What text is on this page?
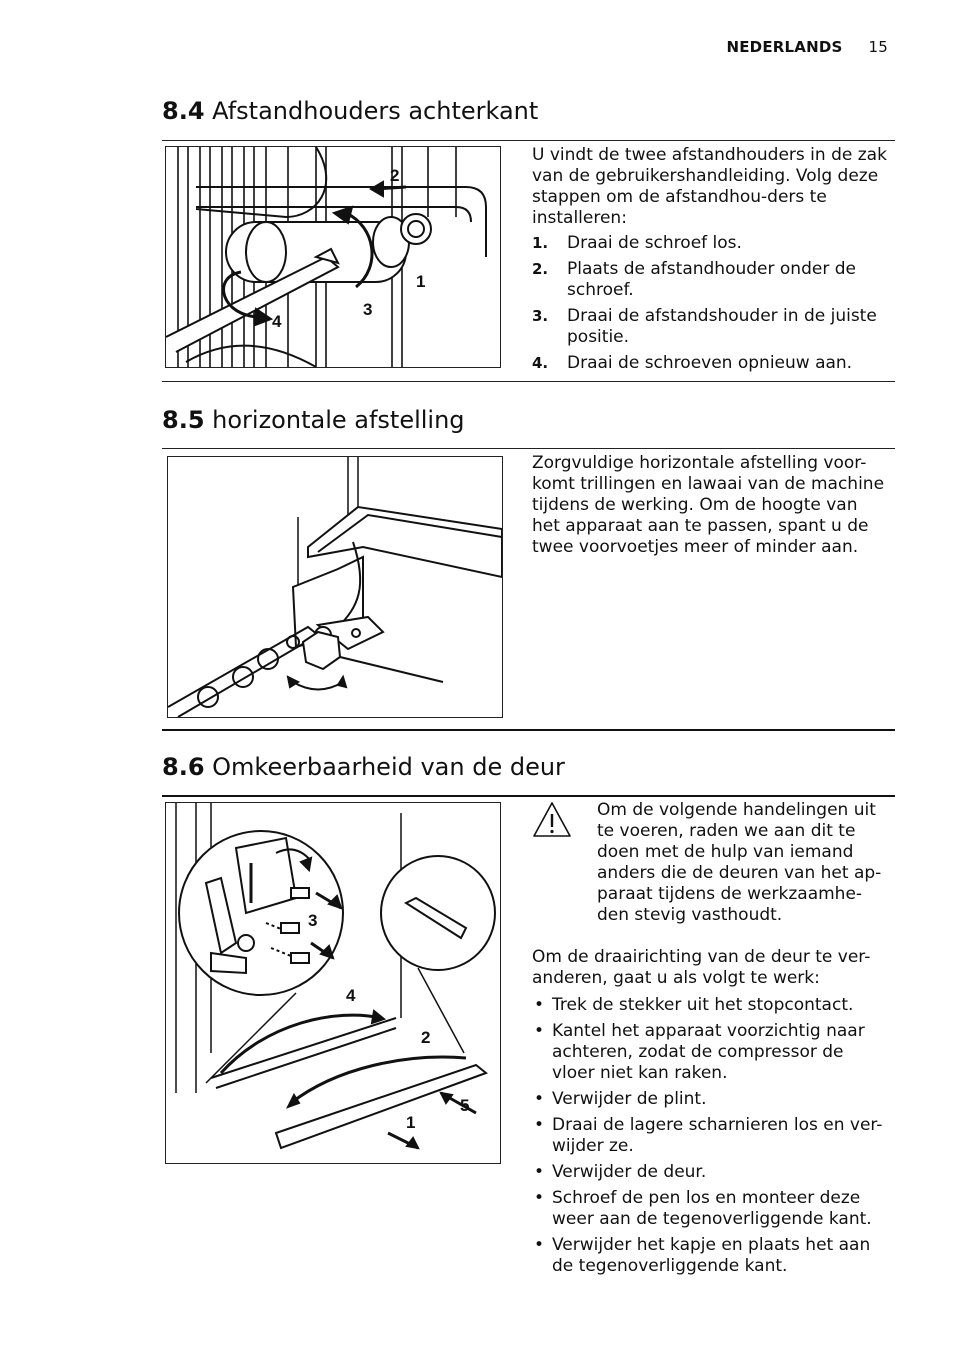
NEDERLANDS 15
8.4 Afstandhouders achterkant
2
1
3
4

U vindt de twee afstandhouders in de zak van de gebruikershandleiding. Volg deze stappen om de afstandhou-ders te installeren:

1. Draai de schroef los.
2. Plaats de afstandhouder onder de schroef.
3. Draai de afstandshouder in de juiste positie.
4. Draai de schroeven opnieuw aan.
8.5 horizontale afstelling

Zorgvuldige horizontale afstelling voor-komt trillingen en lawaai van de machine tijdens de werking. Om de hoogte van het apparaat aan te passen, spant u de twee voorvoetjes meer of minder aan.

8.6 Omkeerbaarheid van de deur
3
4
2
5
1

Om de volgende handelingen uit te voeren, raden we aan dit te doen met de hulp van iemand anders die de deuren van het ap-paraat tijdens de werkzaamhe-den stevig vasthoudt.

Om de draairichting van de deur te ver-anderen, gaat u als volgt te werk:

• Trek de stekker uit het stopcontact.
• Kantel het apparaat voorzichtig naar achteren, zodat de compressor de vloer niet kan raken.
• Verwijder de plint.
• Draai de lagere scharnieren los en ver-wijder ze.
• Verwijder de deur.
• Schroef de pen los en monteer deze weer aan de tegenoverliggende kant.
• Verwijder het kapje en plaats het aan de tegenoverliggende kant.
